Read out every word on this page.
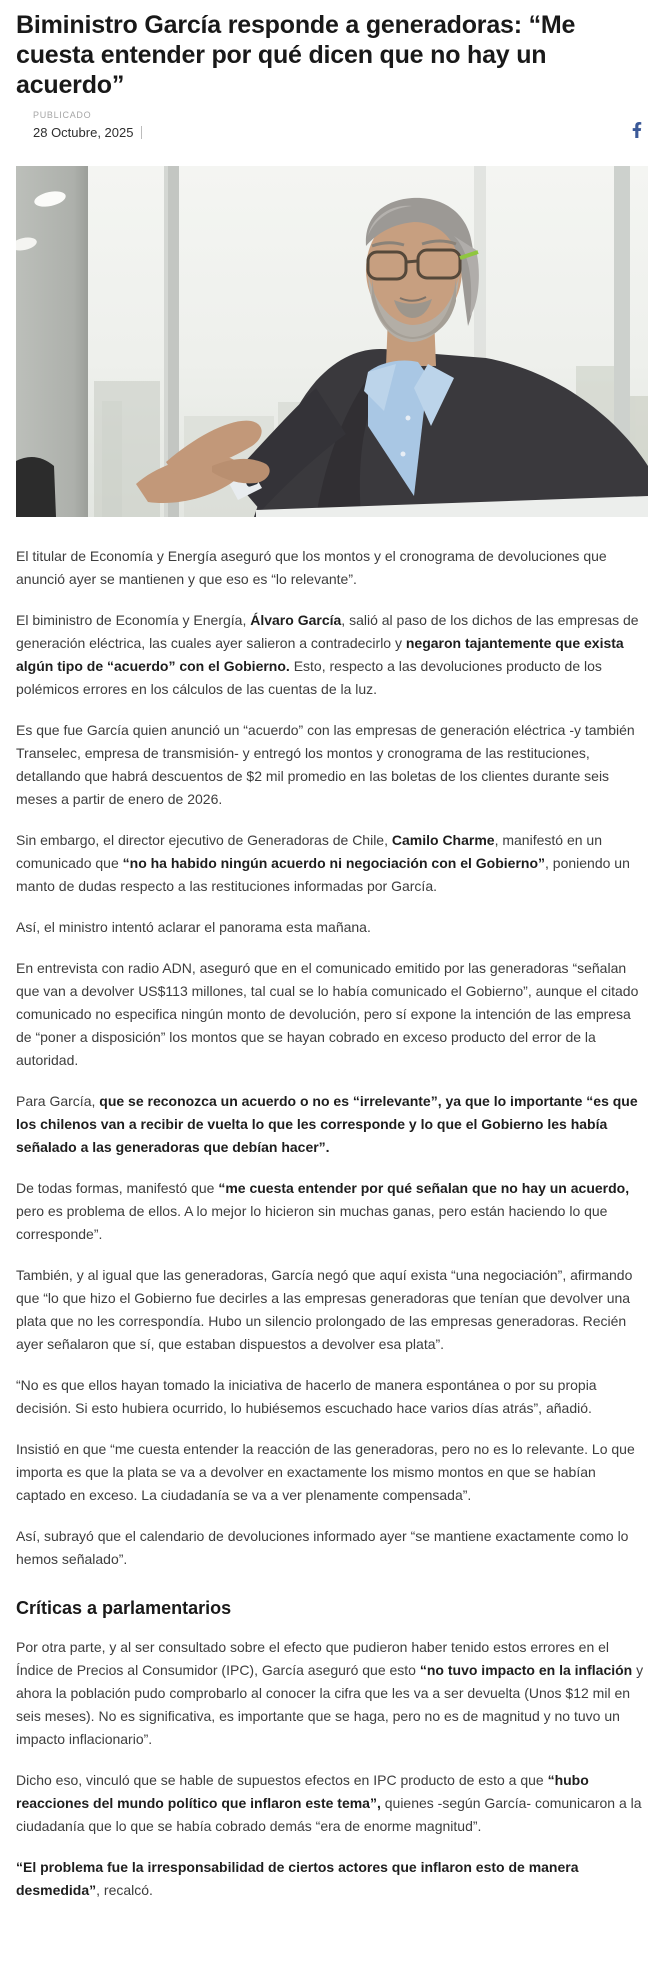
Biministro García responde a generadoras: “Me cuesta entender por qué dicen que no hay un acuerdo”
PUBLICADO
28 Octubre, 2025

El titular de Economía y Energía aseguró que los montos y el cronograma de devoluciones que anunció ayer se mantienen y que eso es “lo relevante”.

El biministro de Economía y Energía, Álvaro García, salió al paso de los dichos de las empresas de generación eléctrica, las cuales ayer salieron a contradecirlo y negaron tajantemente que exista algún tipo de “acuerdo” con el Gobierno. Esto, respecto a las devoluciones producto de los polémicos errores en los cálculos de las cuentas de la luz.

Es que fue García quien anunció un “acuerdo” con las empresas de generación eléctrica -y también Transelec, empresa de transmisión- y entregó los montos y cronograma de las restituciones, detallando que habrá descuentos de $2 mil promedio en las boletas de los clientes durante seis meses a partir de enero de 2026.

Sin embargo, el director ejecutivo de Generadoras de Chile, Camilo Charme, manifestó en un comunicado que “no ha habido ningún acuerdo ni negociación con el Gobierno”, poniendo un manto de dudas respecto a las restituciones informadas por García.

Así, el ministro intentó aclarar el panorama esta mañana.

En entrevista con radio ADN, aseguró que en el comunicado emitido por las generadoras “señalan que van a devolver US$113 millones, tal cual se lo había comunicado el Gobierno”, aunque el citado comunicado no especifica ningún monto de devolución, pero sí expone la intención de las empresa de “poner a disposición” los montos que se hayan cobrado en exceso producto del error de la autoridad.

Para García, que se reconozca un acuerdo o no es “irrelevante”, ya que lo importante “es que los chilenos van a recibir de vuelta lo que les corresponde y lo que el Gobierno les había señalado a las generadoras que debían hacer”.

De todas formas, manifestó que “me cuesta entender por qué señalan que no hay un acuerdo, pero es problema de ellos. A lo mejor lo hicieron sin muchas ganas, pero están haciendo lo que corresponde”.

También, y al igual que las generadoras, García negó que aquí exista “una negociación”, afirmando que “lo que hizo el Gobierno fue decirles a las empresas generadoras que tenían que devolver una plata que no les correspondía. Hubo un silencio prolongado de las empresas generadoras. Recién ayer señalaron que sí, que estaban dispuestos a devolver esa plata”.

“No es que ellos hayan tomado la iniciativa de hacerlo de manera espontánea o por su propia decisión. Si esto hubiera ocurrido, lo hubiésemos escuchado hace varios días atrás”, añadió.

Insistió en que “me cuesta entender la reacción de las generadoras, pero no es lo relevante. Lo que importa es que la plata se va a devolver en exactamente los mismo montos en que se habían captado en exceso. La ciudadanía se va a ver plenamente compensada”.

Así, subrayó que el calendario de devoluciones informado ayer “se mantiene exactamente como lo hemos señalado”.

Críticas a parlamentarios

Por otra parte, y al ser consultado sobre el efecto que pudieron haber tenido estos errores en el Índice de Precios al Consumidor (IPC), García aseguró que esto “no tuvo impacto en la inflación y ahora la población pudo comprobarlo al conocer la cifra que les va a ser devuelta (Unos $12 mil en seis meses). No es significativa, es importante que se haga, pero no es de magnitud y no tuvo un impacto inflacionario”.

Dicho eso, vinculó que se hable de supuestos efectos en IPC producto de esto a que “hubo reacciones del mundo político que inflaron este tema”, quienes -según García- comunicaron a la ciudadanía que lo que se había cobrado demás “era de enorme magnitud”.

“El problema fue la irresponsabilidad de ciertos actores que inflaron esto de manera desmedida”, recalcó.
